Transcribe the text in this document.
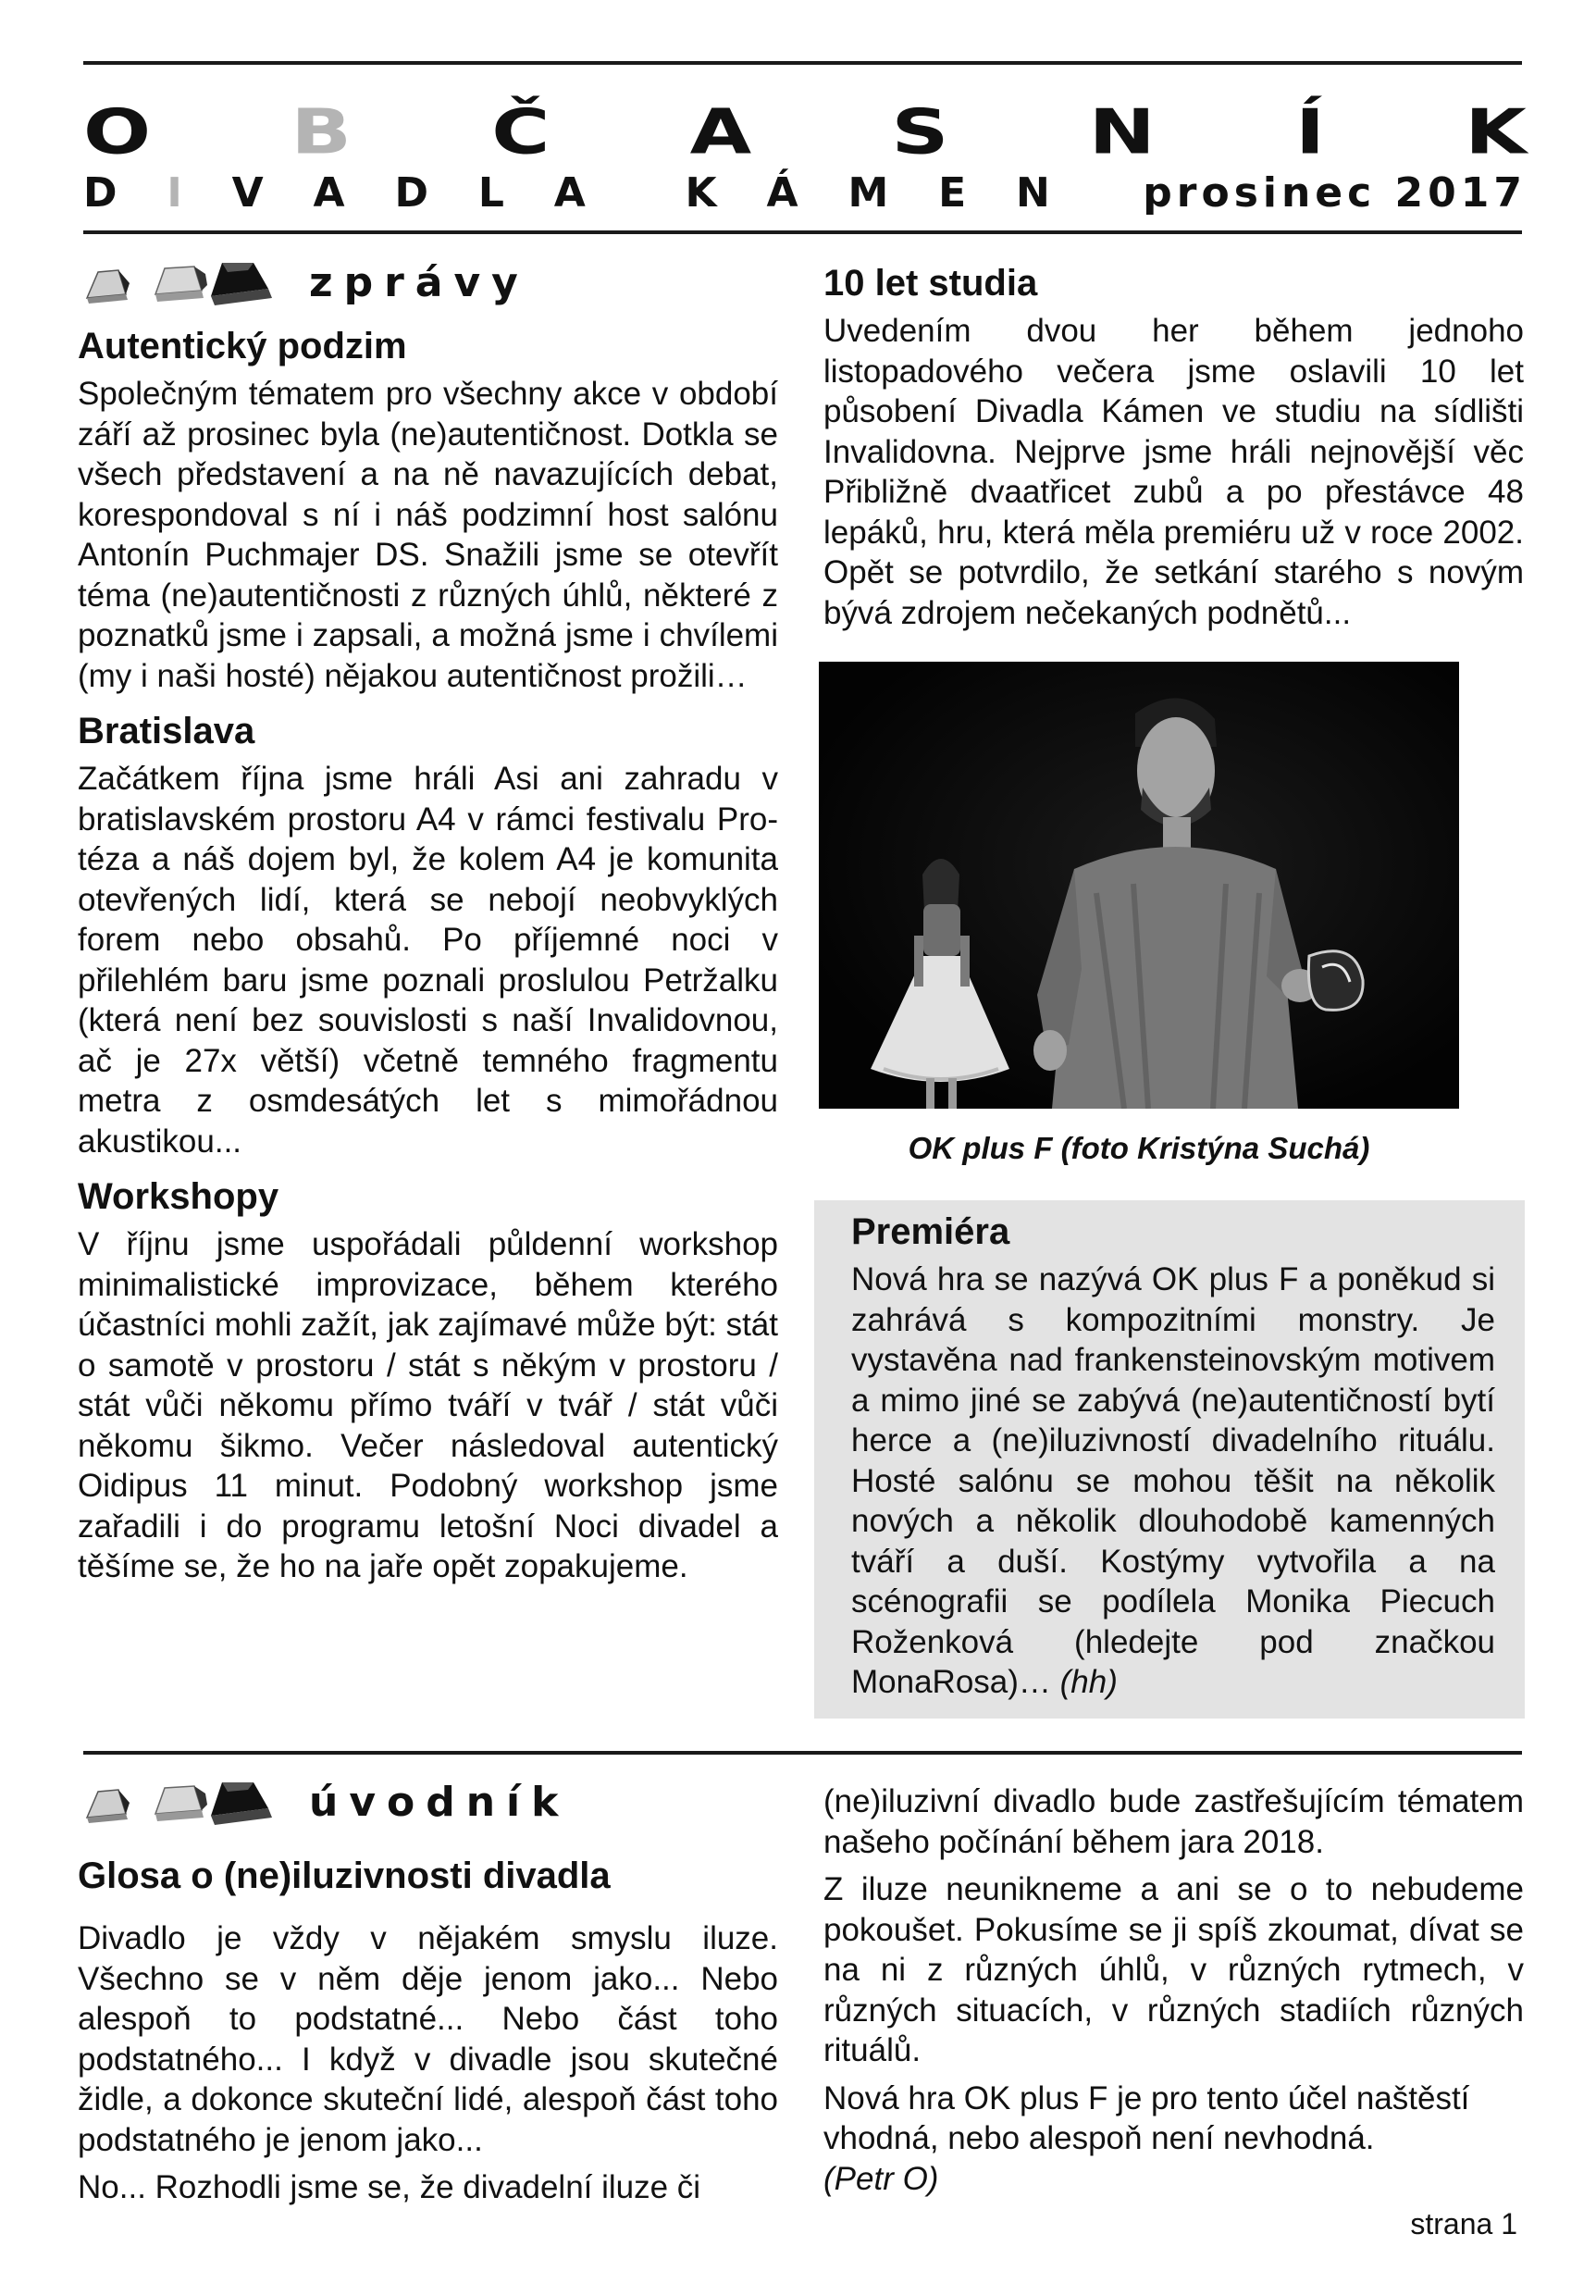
O B Č A S N Í K
D I V A D L A K Á M E N prosinec 2017
zprávy
Autentický podzim

Společným tématem pro všechny akce v období září až prosinec byla (ne)autentičnost. Dotkla se všech představení a na ně navazujících debat, korespondoval s ní i náš podzimní host salónu Antonín Puchmajer DS. Snažili jsme se otevřít téma (ne)autentičnosti z různých úhlů, některé z poznatků jsme i zapsali, a možná jsme i chvílemi (my i naši hosté) nějakou autentičnost prožili…

Bratislava

Začátkem října jsme hráli Asi ani zahradu v bratislavském prostoru A4 v rámci festivalu Pro-téza a náš dojem byl, že kolem A4 je komunita otevřených lidí, která se nebojí neobvyklých forem nebo obsahů. Po příjemné noci v přilehlém baru jsme poznali proslulou Petržalku (která není bez souvislosti s naší Invalidovnou, ač je 27x větší) včetně temného fragmentu metra z osmdesátých let s mimořádnou akustikou...

Workshopy

V říjnu jsme uspořádali půldenní workshop minimalistické improvizace, během kterého účastníci mohli zažít, jak zajímavé může být: stát o samotě v prostoru / stát s někým v prostoru / stát vůči někomu přímo tváří v tvář / stát vůči někomu šikmo. Večer následoval autentický Oidipus 11 minut. Podobný workshop jsme zařadili i do programu letošní Noci divadel a těšíme se, že ho na jaře opět zopakujeme.

10 let studia

Uvedením dvou her během jednoho listopadového večera jsme oslavili 10 let působení Divadla Kámen ve studiu na sídlišti Invalidovna. Nejprve jsme hráli nejnovější věc Přibližně dvaatřicet zubů a po přestávce 48 lepáků, hru, která měla premiéru už v roce 2002. Opět se potvrdilo, že setkání starého s novým bývá zdrojem nečekaných podnětů...

OK plus F (foto Kristýna Suchá)
Premiéra

Nová hra se nazývá OK plus F a poněkud si zahrává s kompozitními monstry. Je vystavěna nad frankensteinovským motivem a mimo jiné se zabývá (ne)autentičností bytí herce a (ne)iluzivností divadelního rituálu. Hosté salónu se mohou těšit na několik nových a několik dlouhodobě kamenných tváří a duší. Kostýmy vytvořila a na scénografii se podílela Monika Piecuch Roženková (hledejte pod značkou MonaRosa)… (hh)

úvodník
Glosa o (ne)iluzivnosti divadla

Divadlo je vždy v nějakém smyslu iluze. Všechno se v něm děje jenom jako... Nebo alespoň to podstatné... Nebo část toho podstatného... I když v divadle jsou skutečné židle, a dokonce skuteční lidé, alespoň část toho podstatného je jenom jako...

No... Rozhodli jsme se, že divadelní iluze či

(ne)iluzivní divadlo bude zastřešujícím tématem našeho počínání během jara 2018.

Z iluze neunikneme a ani se o to nebudeme pokoušet. Pokusíme se ji spíš zkoumat, dívat se na ni z různých úhlů, v různých rytmech, v různých situacích, v různých stadiích různých rituálů.

Nová hra OK plus F je pro tento účel naštěstí vhodná, nebo alespoň není nevhodná.

(Petr O)

strana 1
